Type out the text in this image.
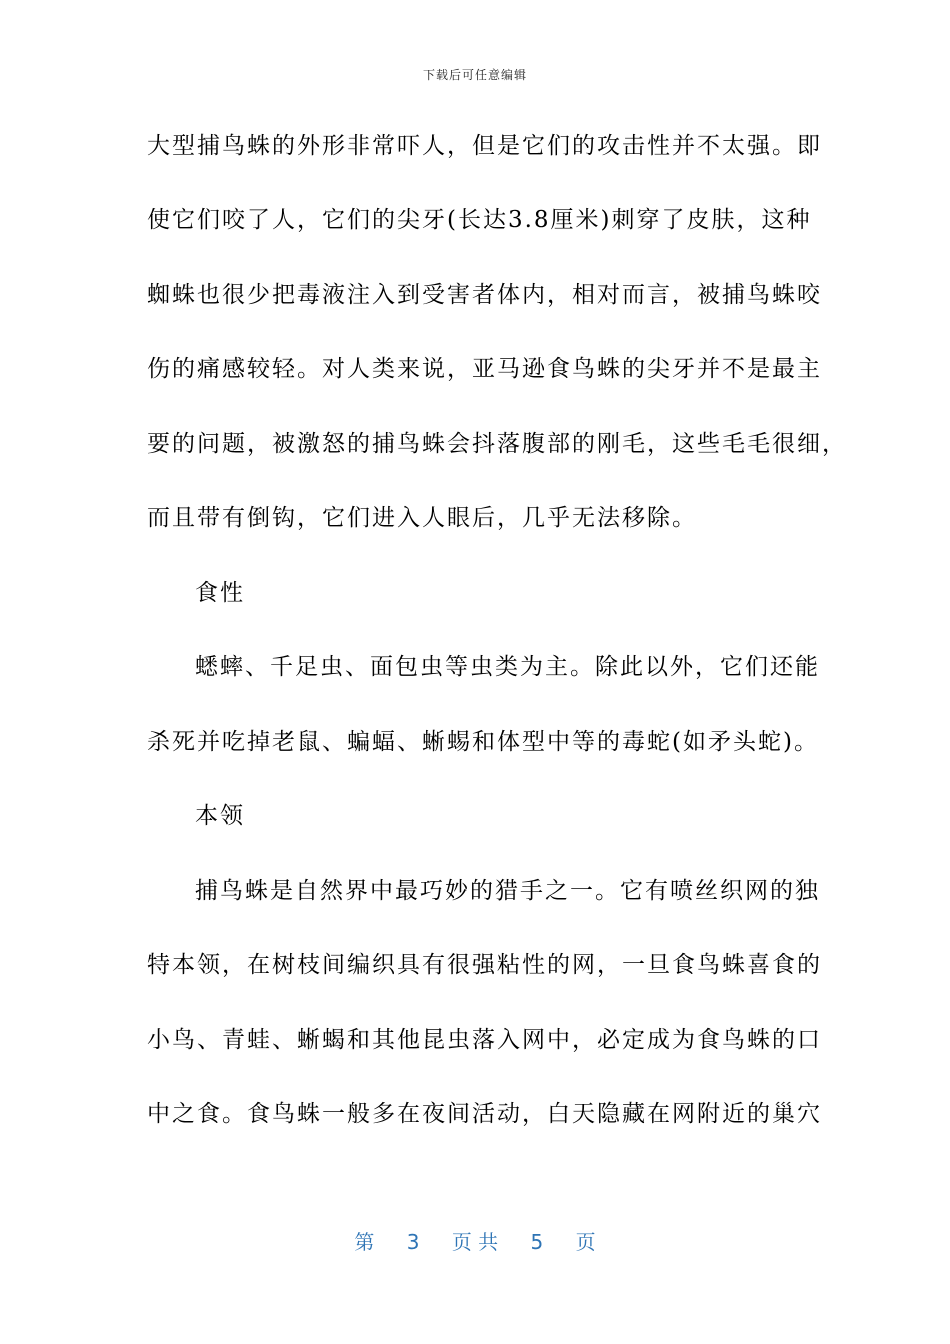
下载后可任意编辑
大型捕鸟蛛的外形非常吓人，但是它们的攻击性并不太强。即
使它们咬了人，它们的尖牙(长达3.8厘米)刺穿了皮肤，这种
蜘蛛也很少把毒液注入到受害者体内，相对而言，被捕鸟蛛咬
伤的痛感较轻。对人类来说，亚马逊食鸟蛛的尖牙并不是最主
要的问题，被激怒的捕鸟蛛会抖落腹部的刚毛，这些毛毛很细，
而且带有倒钩，它们进入人眼后，几乎无法移除。
食性
蟋蟀、千足虫、面包虫等虫类为主。除此以外，它们还能
杀死并吃掉老鼠、蝙蝠、蜥蜴和体型中等的毒蛇(如矛头蛇)。
本领
捕鸟蛛是自然界中最巧妙的猎手之一。它有喷丝织网的独
特本领，在树枝间编织具有很强粘性的网，一旦食鸟蛛喜食的
小鸟、青蛙、蜥蝎和其他昆虫落入网中，必定成为食鸟蛛的口
中之食。食鸟蛛一般多在夜间活动，白天隐藏在网附近的巢穴
第 3 页 共 5 页
